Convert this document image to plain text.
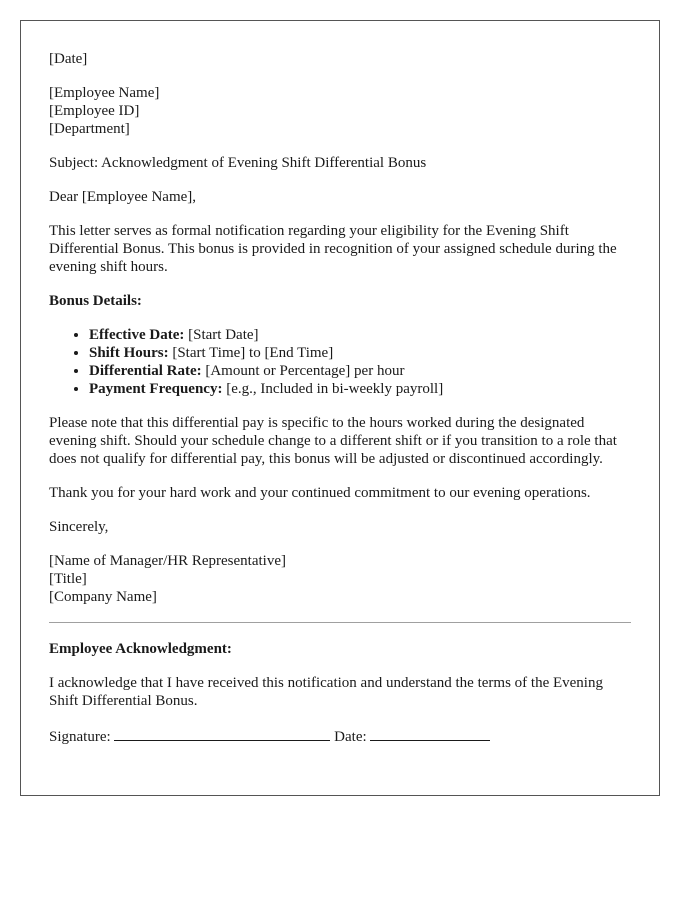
[Date]

[Employee Name]
[Employee ID]
[Department]

Subject: Acknowledgment of Evening Shift Differential Bonus

Dear [Employee Name],

This letter serves as formal notification regarding your eligibility for the Evening Shift Differential Bonus. This bonus is provided in recognition of your assigned schedule during the evening shift hours.

Bonus Details:

• Effective Date: [Start Date]
• Shift Hours: [Start Time] to [End Time]
• Differential Rate: [Amount or Percentage] per hour
• Payment Frequency: [e.g., Included in bi-weekly payroll]

Please note that this differential pay is specific to the hours worked during the designated evening shift. Should your schedule change to a different shift or if you transition to a role that does not qualify for differential pay, this bonus will be adjusted or discontinued accordingly.

Thank you for your hard work and your continued commitment to our evening operations.

Sincerely,

[Name of Manager/HR Representative]
[Title]
[Company Name]

Employee Acknowledgment:

I acknowledge that I have received this notification and understand the terms of the Evening Shift Differential Bonus.

Signature:	Date:
